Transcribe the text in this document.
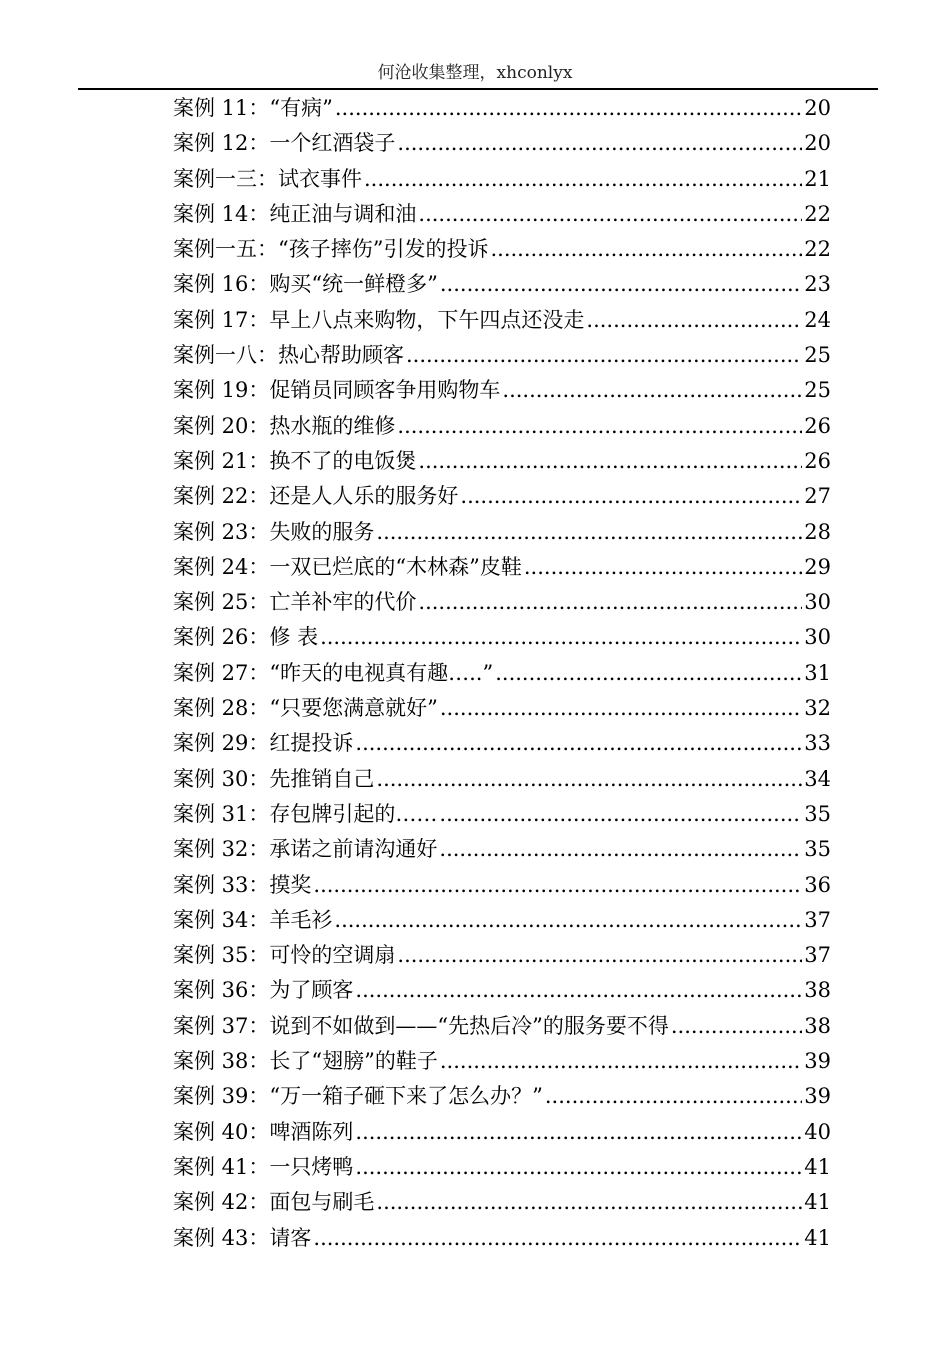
何沧收集整理，xhconlyx
案例 11：“有病” .....	20
案例 12：一个红酒袋子 .....	20
案例一三：试衣事件 .....	21
案例 14：纯正油与调和油 .....	22
案例一五：“孩子摔伤”引发的投诉 .....	22
案例 16：购买“统一鲜橙多” .....	23
案例 17：早上八点来购物，下午四点还没走 .....	24
案例一八：热心帮助顾客 .....	25
案例 19：促销员同顾客争用购物车 .....	25
案例 20：热水瓶的维修 .....	26
案例 21：换不了的电饭煲 .....	26
案例 22：还是人人乐的服务好 .....	27
案例 23：失败的服务 .....	28
案例 24：一双已烂底的“木林森”皮鞋 .....	29
案例 25：亡羊补牢的代价 .....	30
案例 26：修 表 .....	30
案例 27：“昨天的电视真有趣…..” .....	31
案例 28：“只要您满意就好” .....	32
案例 29：红提投诉 .....	33
案例 30：先推销自己 .....	34
案例 31：存包牌引起的…… .....	35
案例 32：承诺之前请沟通好 .....	35
案例 33：摸奖 .....	36
案例 34：羊毛衫 .....	37
案例 35：可怜的空调扇 .....	37
案例 36：为了顾客 .....	38
案例 37：说到不如做到——“先热后冷”的服务要不得 .....	38
案例 38：长了“翅膀”的鞋子 .....	39
案例 39：“万一箱子砸下来了怎么办？” .....	39
案例 40：啤酒陈列 .....	40
案例 41：一只烤鸭 .....	41
案例 42：面包与刷毛 .....	41
案例 43：请客 .....	41
